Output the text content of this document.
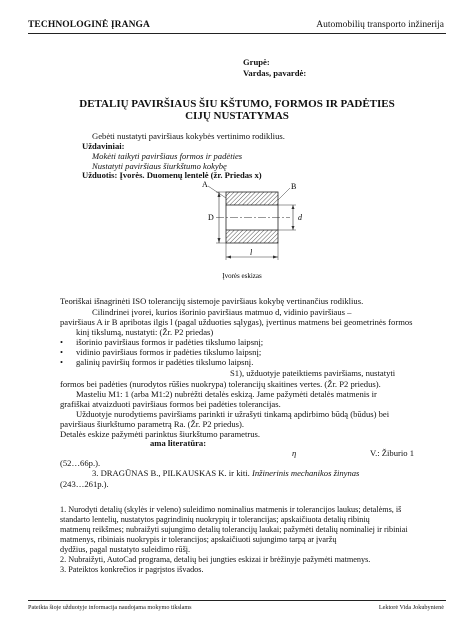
TECHNOLOGINĖ ĮRANGA	Automobilių transporto inžinerija
Grupė:
Vardas, pavardė:
DETALIŲ PAVIRŠIAUS ŠIU KŠTUMO, FORMOS IR PADĖTIES
CIJŲ NUSTATYMAS
Gebėti nustatyti paviršiaus kokybės vertinimo rodiklius.
Uždaviniai:
Mokėti taikyti paviršiaus formos ir padėties
Nustatyti paviršiaus šiurkštumo kokybę
Užduotis: Įvorės. Duomenų lentelė (žr. Priedas x)
D	d
l
A	B
Įvorės eskizas
Teoriškai išnagrinėti ISO tolerancijų sistemoje paviršiaus kokybę vertinančius rodiklius.
Cilindrinei įvorei, kurios išorinio paviršiaus matmuo d, vidinio paviršiaus –
paviršiaus A ir B apribotas ilgis l (pagal užduoties sąlygas), įvertinus matmens bei geometrinės formos
kinį tikslumą, nustatyti: (Žr. P2 priedas)
• išorinio paviršiaus formos ir padėties tikslumo laipsnį;
• vidinio paviršiaus formos ir padėties tikslumo laipsnį;
• galinių paviršių formos ir padėties tikslumo laipsnį.
S1), užduotyje pateiktiems paviršiams, nustatyti
formos bei padėties (nurodytos rūšies nuokrypa) tolerancijų skaitines vertes. (Žr. P2 priedus).
Masteliu M1: 1 (arba M1:2) nubrėžti detalės eskizą. Jame pažymėti detalės matmenis ir
grafiškai atvaizduoti paviršiaus formos bei padėties tolerancijas.
Užduotyje nurodytiems paviršiams parinkti ir užrašyti tinkamą apdirbimo būdą (būdus) bei
paviršiaus šiurkštumo parametrą Ra. (Žr. P2 priedus).
Detalės eskize pažymėti parinktus šiurkštumo parametrus.
ama literatūra:
η	V.: Žiburio 1
(52…66p.).
3. DRAGŪNAS B., PILKAUSKAS K. ir kiti. Inžinerinis mechanikos žinynas
(243…261p.).
1. Nurodyti detalių (skylės ir veleno) suleidimo nominalius matmenis ir tolerancijos laukus; detalėms, iš
standarto lentelių, nustatytos pagrindinių nuokrypių ir tolerancijas; apskaičiuota detalių ribinių
matmenų reikšmes; nubraižyti sujungimo detalių tolerancijų laukai; pažymėti detalių nominaliej ir ribiniai
matmenys, ribiniais nuokrypis ir tolerancijos; apskaičiuoti sujungimo tarpą ar įvaržų
dydžius, pagal nustatyto suleidimo rūšį.
2. Nubraižyti, AutoCad programa, detalių bei jungties eskizai ir brėžinyje pažymėti matmenys.
3. Pateiktos konkrečios ir pagrįstos išvados.
Pateikta šioje užduotyje informacija naudojama mokymo tikslams	Lektorė Vida Jokubynienė
